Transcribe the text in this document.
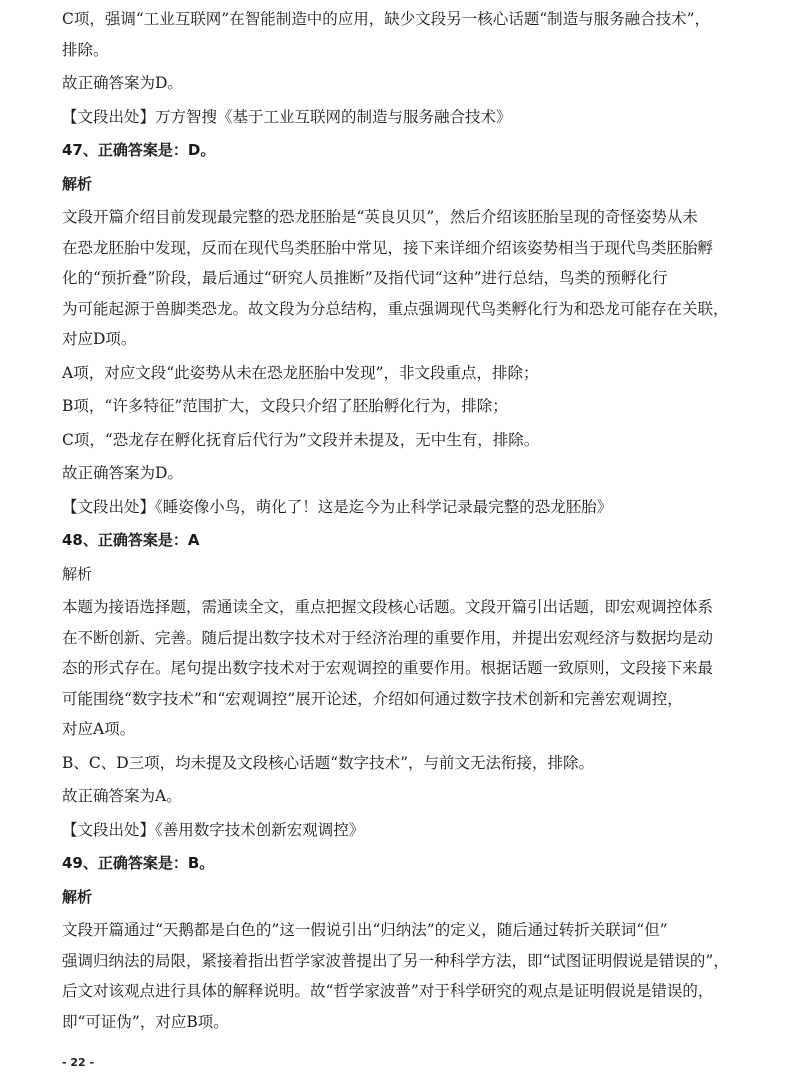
C项，强调“工业互联网”在智能制造中的应用，缺少文段另一核心话题“制造与服务融合技术”，
排除。
故正确答案为D。
【文段出处】万方智搜《基于工业互联网的制造与服务融合技术》
47、正确答案是：D。
解析
文段开篇介绍目前发现最完整的恐龙胚胎是“英良贝贝”，然后介绍该胚胎呈现的奇怪姿势从未
在恐龙胚胎中发现，反而在现代鸟类胚胎中常见，接下来详细介绍该姿势相当于现代鸟类胚胎孵
化的“预折叠”阶段，最后通过“研究人员推断”及指代词“这种”进行总结，鸟类的预孵化行
为可能起源于兽脚类恐龙。故文段为分总结构，重点强调现代鸟类孵化行为和恐龙可能存在关联，
对应D项。
A项，对应文段“此姿势从未在恐龙胚胎中发现”，非文段重点，排除；
B项，“许多特征”范围扩大，文段只介绍了胚胎孵化行为，排除；
C项，“恐龙存在孵化抚育后代行为”文段并未提及，无中生有，排除。
故正确答案为D。
【文段出处】《睡姿像小鸟，萌化了！这是迄今为止科学记录最完整的恐龙胚胎》
48、正确答案是：A
解析
本题为接语选择题，需通读全文，重点把握文段核心话题。文段开篇引出话题，即宏观调控体系
在不断创新、完善。随后提出数字技术对于经济治理的重要作用，并提出宏观经济与数据均是动
态的形式存在。尾句提出数字技术对于宏观调控的重要作用。根据话题一致原则，文段接下来最
可能围绕“数字技术”和“宏观调控”展开论述，介绍如何通过数字技术创新和完善宏观调控，
对应A项。
B、C、D三项，均未提及文段核心话题“数字技术”，与前文无法衔接，排除。
故正确答案为A。
【文段出处】《善用数字技术创新宏观调控》
49、正确答案是：B。
解析
文段开篇通过“天鹅都是白色的”这一假说引出“归纳法”的定义，随后通过转折关联词“但”
强调归纳法的局限，紧接着指出哲学家波普提出了另一种科学方法，即“试图证明假说是错误的”，
后文对该观点进行具体的解释说明。故“哲学家波普”对于科学研究的观点是证明假说是错误的，
即“可证伪”，对应B项。
- 22 -
